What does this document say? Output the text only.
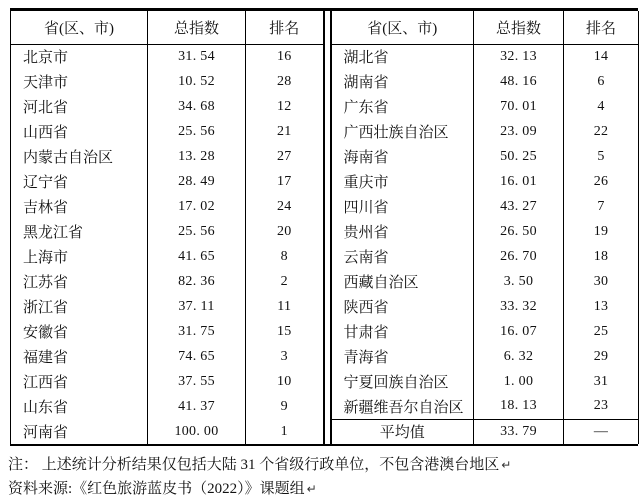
省(区、市)	总指数	排名
北京市	31. 54	16
天津市	10. 52	28
河北省	34. 68	12
山西省	25. 56	21
内蒙古自治区	13. 28	27
辽宁省	28. 49	17
吉林省	17. 02	24
黑龙江省	25. 56	20
上海市	41. 65	8
江苏省	82. 36	2
浙江省	37. 11	11
安徽省	31. 75	15
福建省	74. 65	3
江西省	37. 55	10
山东省	41. 37	9
河南省	100. 00	1
省(区、市)	总指数	排名
湖北省	32. 13	14
湖南省	48. 16	6
广东省	70. 01	4
广西壮族自治区	23. 09	22
海南省	50. 25	5
重庆市	16. 01	26
四川省	43. 27	7
贵州省	26. 50	19
云南省	26. 70	18
西藏自治区	3. 50	30
陕西省	33. 32	13
甘肃省	16. 07	25
青海省	6. 32	29
宁夏回族自治区	1. 00	31
新疆维吾尔自治区	18. 13	23
平均值	33. 79	—
注： 上述统计分析结果仅包括大陆 31 个省级行政单位，不包含港澳台地区 ↵
资料来源:《红色旅游蓝皮书（2022）》课题组 ↵
